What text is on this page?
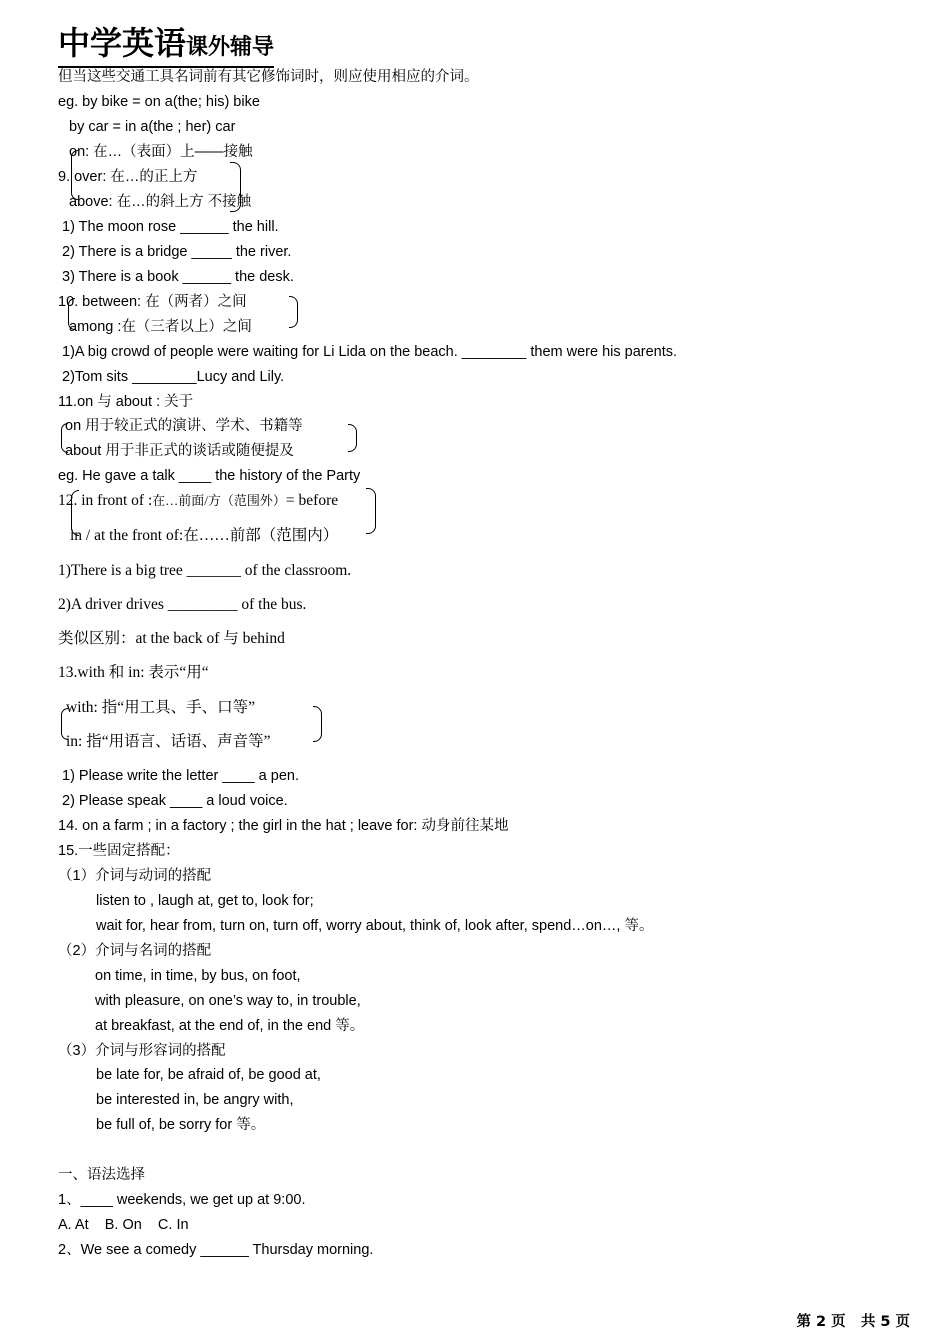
中学英语课外辅导
但当这些交通工具名词前有其它修饰词时，则应使用相应的介词。
eg. by bike = on a(the; his) bike
by car = in a(the ; her) car
on: 在…（表面）上——接触
9. over: 在…的正上方
above: 在…的斜上方 不接触
1) The moon rose ______ the hill.
2) There is a bridge _____ the river.
3) There is a book ______ the desk.
10. between: 在（两者）之间
among :在（三者以上）之间
1)A big crowd of people were waiting for Li Lida on the beach. ________ them were his parents.
2)Tom sits ________Lucy and Lily.
11.on 与 about : 关于
on 用于较正式的演讲、学术、书籍等
about 用于非正式的谈话或随便提及
eg. He gave a talk ____ the history of the Party
12. in front of :在…前面/方（范围外）= before
in / at the front of:在……前部（范围内）
1)There is a big tree _______ of the classroom.
2)A driver drives _________ of the bus.
类似区别：at the back of 与 behind
13.with 和 in: 表示“用“
with: 指“用工具、手、口等”
in: 指“用语言、话语、声音等”
1) Please write the letter ____ a pen.
2) Please speak ____ a loud voice.
14. on a farm ; in a factory ; the girl in the hat ; leave for: 动身前往某地
15.一些固定搭配：
（1）介词与动词的搭配
listen to , laugh at, get to, look for;
wait for, hear from, turn on, turn off, worry about, think of, look after, spend…on…, 等。
（2）介词与名词的搭配
on time, in time, by bus, on foot,
with pleasure, on one’s way to, in trouble,
at breakfast, at the end of, in the end 等。
（3）介词与形容词的搭配
be late for, be afraid of, be good at,
be interested in, be angry with,
be full of, be sorry for 等。
一、语法选择
1、____ weekends, we get up at 9:00.
A. At    B. On    C. In
2、We see a comedy ______ Thursday morning.
第 2 页 共 5 页
